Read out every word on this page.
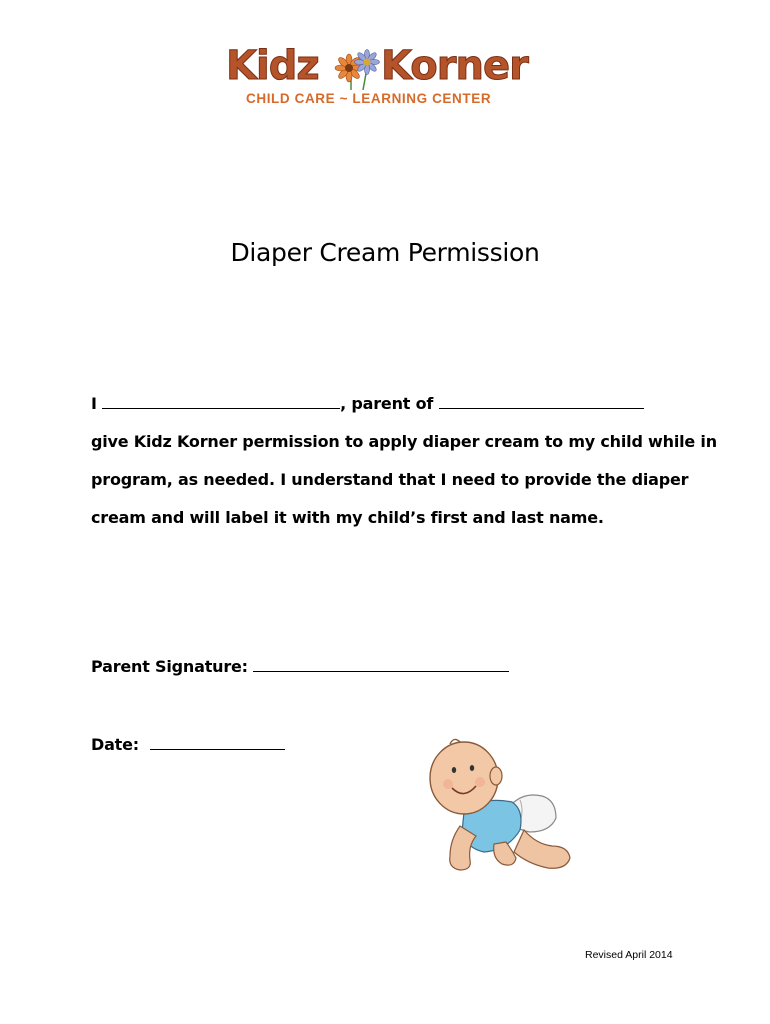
Kidz Korner
CHILD CARE ~ LEARNING CENTER
Diaper Cream Permission
I	, parent of
give Kidz Korner permission to apply diaper cream to my child while in
program, as needed. I understand that I need to provide the diaper
cream and will label it with my child’s first and last name.
Parent Signature:
Date:
Revised April 2014
